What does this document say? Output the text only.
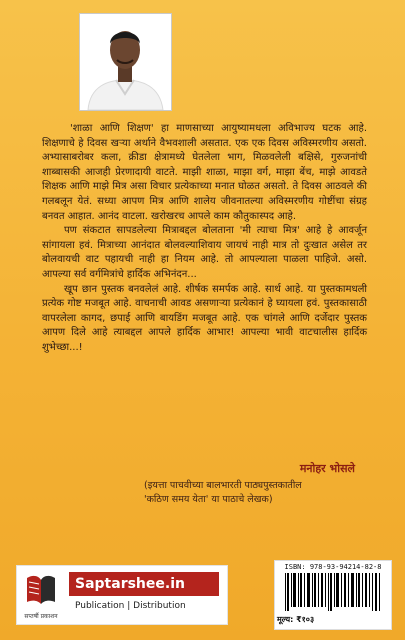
'शाळा आणि शिक्षण' हा माणसाच्या आयुष्यामधला अविभाज्य घटक आहे. शिक्षणाचे हे दिवस खऱ्या अर्थाने वैभवशाली असतात. एक एक दिवस अविस्मरणीय असतो. अभ्यासाबरोबर कला, क्रीडा क्षेत्रामध्ये घेतलेला भाग, मिळवलेली बक्षिसे, गुरुजनांची शाब्बासकी आजही प्रेरणादायी वाटते. माझी शाळा, माझा वर्ग, माझा बेंच, माझे आवडते शिक्षक आणि माझे मित्र असा विचार प्रत्येकाच्या मनात घोळत असतो. ते दिवस आठवले की गलबलून येतं. सध्या आपण मित्र आणि शालेय जीवनातल्या अविस्मरणीय गोष्टींचा संग्रह बनवत आहात. आनंद वाटला. खरोखरच आपले काम कौतुकास्पद आहे.

पण संकटात सापडलेल्या मित्राबद्दल बोलताना 'मी त्याचा मित्र' आहे हे आवर्जून सांगायला हवं. मित्राच्या आनंदात बोलवल्याशिवाय जायचं नाही मात्र तो दुःखात असेल तर बोलवायची वाट पहायची नाही हा नियम आहे. तो आपल्याला पाळला पाहिजे. असो. आपल्या सर्व वर्गमित्रांचे हार्दिक अभिनंदन...

खूप छान पुस्तक बनवलेलं आहे. शीर्षक समर्पक आहे. सार्थ आहे. या पुस्तकामधली प्रत्येक गोष्ट मजबूत आहे. वाचनाची आवड असणाऱ्या प्रत्येकानं हे घ्यायला हवं. पुस्तकासाठी वापरलेला कागद, छपाई आणि बायडिंग मजबूत आहे. एक चांगले आणि दर्जेदार पुस्तक आपण दिले आहे त्याबद्दल आपले हार्दिक आभार! आपल्या भावी वाटचालीस हार्दिक शुभेच्छा...!

मनोहर भोसले
(इयत्ता पाचवीच्या बालभारती पाठ्यपुस्तकातील
'कठिण समय येता' या पाठाचे लेखक)
सप्तर्षी प्रकाशन
Saptarshee.in
Publication | Distribution
ISBN: 978-93-94214-82-8
मूल्य: ₹१०३
